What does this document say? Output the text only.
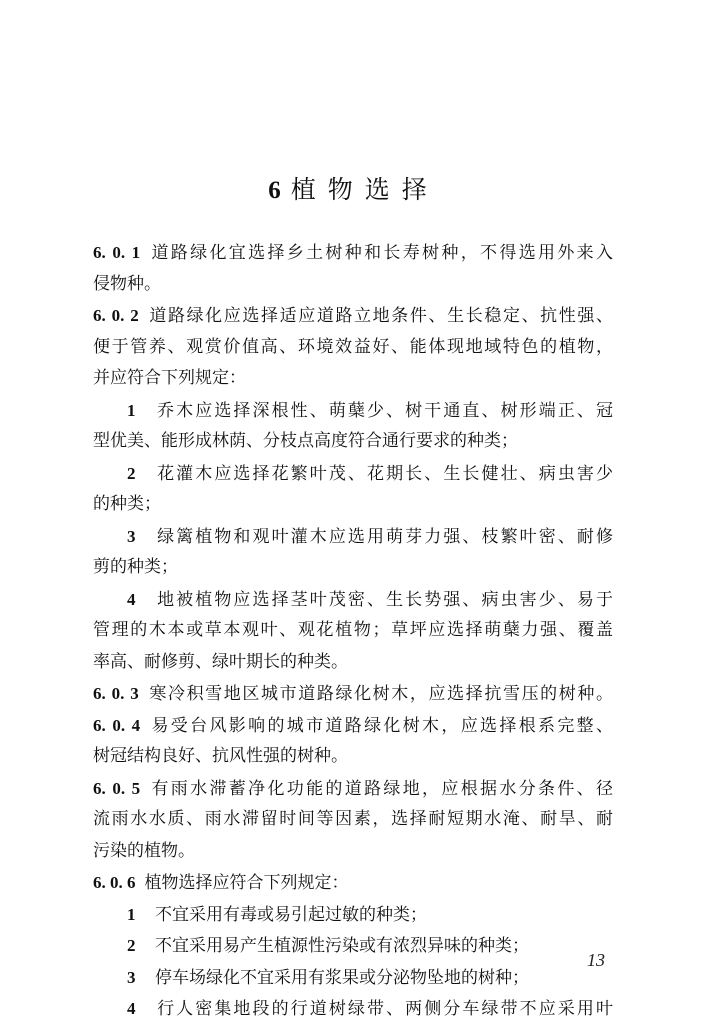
6 植物选择
6. 0. 1 道路绿化宜选择乡土树种和长寿树种，不得选用外来入
侵物种。
6. 0. 2 道路绿化应选择适应道路立地条件、生长稳定、抗性强、
便于管养、观赏价值高、环境效益好、能体现地域特色的植物，
并应符合下列规定：
1 乔木应选择深根性、萌蘖少、树干通直、树形端正、冠
型优美、能形成林荫、分枝点高度符合通行要求的种类；
2 花灌木应选择花繁叶茂、花期长、生长健壮、病虫害少
的种类；
3 绿篱植物和观叶灌木应选用萌芽力强、枝繁叶密、耐修
剪的种类；
4 地被植物应选择茎叶茂密、生长势强、病虫害少、易于
管理的木本或草本观叶、观花植物；草坪应选择萌蘖力强、覆盖
率高、耐修剪、绿叶期长的种类。
6. 0. 3 寒冷积雪地区城市道路绿化树木，应选择抗雪压的树种。
6. 0. 4 易受台风影响的城市道路绿化树木，应选择根系完整、
树冠结构良好、抗风性强的树种。
6. 0. 5 有雨水滞蓄净化功能的道路绿地，应根据水分条件、径
流雨水水质、雨水滞留时间等因素，选择耐短期水淹、耐旱、耐
污染的植物。
6. 0. 6 植物选择应符合下列规定：
1 不宜采用有毒或易引起过敏的种类；
2 不宜采用易产生植源性污染或有浓烈异味的种类；
3 停车场绿化不宜采用有浆果或分泌物坠地的树种；
4 行人密集地段的行道树绿带、两侧分车绿带不应采用叶
13
